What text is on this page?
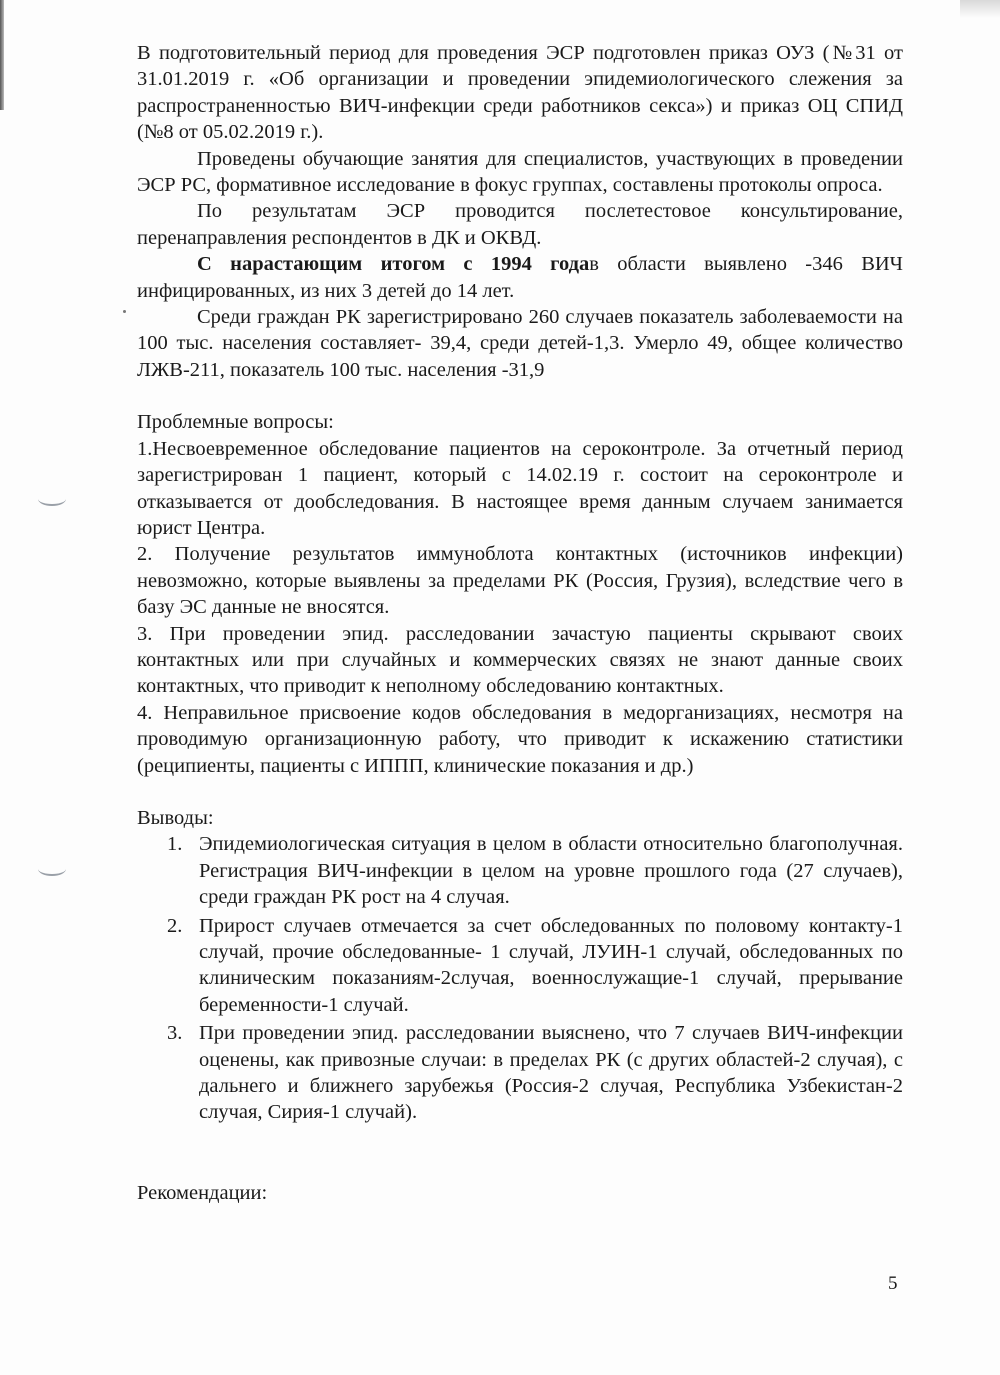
В подготовительный период для проведения ЭСР подготовлен приказ ОУЗ (№31 от 31.01.2019 г. «Об организации и проведении эпидемиологического слежения за распространенностью ВИЧ-инфекции среди работников секса») и приказ ОЦ СПИД (№8 от 05.02.2019 г.).

Проведены обучающие занятия для специалистов, участвующих в проведении ЭСР РС, формативное исследование в фокус группах, составлены протоколы опроса.

По результатам ЭСР проводится послетестовое консультирование, перенаправления респондентов в ДК и ОКВД.

С нарастающим итогом с 1994 годав области выявлено -346 ВИЧ инфицированных, из них 3 детей до 14 лет.

Среди граждан РК зарегистрировано 260 случаев показатель заболеваемости на 100 тыс. населения составляет- 39,4, среди детей-1,3. Умерло 49, общее количество ЛЖВ-211, показатель 100 тыс. населения -31,9

Проблемные вопросы:

1.Несвоевременное обследование пациентов на сероконтроле. За отчетный период зарегистрирован 1 пациент, который с 14.02.19 г. состоит на сероконтроле и отказывается от дообследования. В настоящее время данным случаем занимается юрист Центра.

2. Получение результатов иммуноблота контактных (источников инфекции) невозможно, которые выявлены за пределами РК (Россия, Грузия), вследствие чего в базу ЭС данные не вносятся.

3. При проведении эпид. расследовании зачастую пациенты скрывают своих контактных или при случайных и коммерческих связях не знают данные своих контактных, что приводит к неполному обследованию контактных.

4. Неправильное присвоение кодов обследования в медорганизациях, несмотря на проводимую организационную работу, что приводит к искажению статистики (реципиенты, пациенты с ИППП, клинические показания и др.)

Выводы:

1. Эпидемиологическая ситуация в целом в области относительно благополучная. Регистрация ВИЧ-инфекции в целом на уровне прошлого года (27 случаев), среди граждан РК рост на 4 случая.
2. Прирост случаев отмечается за счет обследованных по половому контакту-1 случай, прочие обследованные- 1 случай, ЛУИН-1 случай, обследованных по клиническим показаниям-2случая, военнослужащие-1 случай, прерывание беременности-1 случай.
3. При проведении эпид. расследовании выяснено, что 7 случаев ВИЧ-инфекции оценены, как привозные случаи: в пределах РК (с других областей-2 случая), с дальнего и ближнего зарубежья (Россия-2 случая, Республика Узбекистан-2 случая, Сирия-1 случай).

Рекомендации:

5
